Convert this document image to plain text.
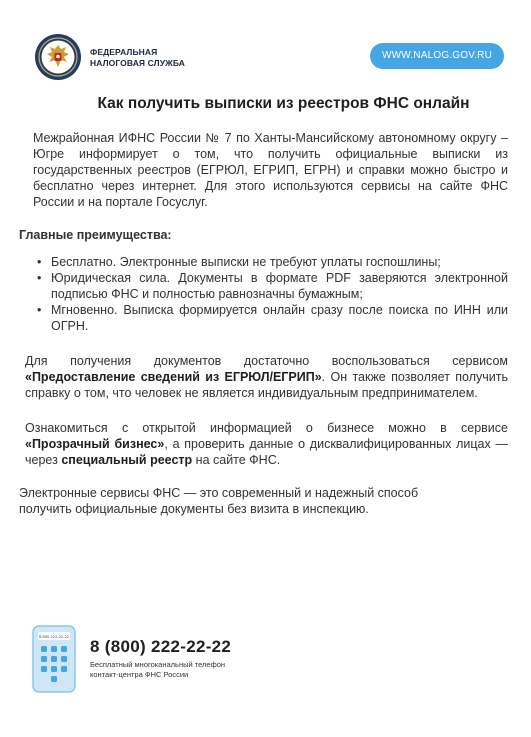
ФЕДЕРАЛЬНАЯ
НАЛОГОВАЯ СЛУЖБА
WWW.NALOG.GOV.RU
Как получить выписки из реестров ФНС онлайн

Межрайонная ИФНС России № 7 по Ханты-Мансийскому автономному округу – Югре информирует о том, что получить официальные выписки из государственных реестров (ЕГРЮЛ, ЕГРИП, ЕГРН) и справки можно быстро и бесплатно через интернет. Для этого используются сервисы на сайте ФНС России и на портале Госуслуг.

Главные преимущества:
• Бесплатно. Электронные выписки не требуют уплаты госпошлины;
• Юридическая сила. Документы в формате PDF заверяются электронной подписью ФНС и полностью равнозначны бумажным;
• Мгновенно. Выписка формируется онлайн сразу после поиска по ИНН или ОГРН.

Для получения документов достаточно воспользоваться сервисом «Предоставление сведений из ЕГРЮЛ/ЕГРИП». Он также позволяет получить справку о том, что человек не является индивидуальным предпринимателем.

Ознакомиться с открытой информацией о бизнесе можно в сервисе «Прозрачный бизнес», а проверить данные о дисквалифицированных лицах — через специальный реестр на сайте ФНС.

Электронные сервисы ФНС — это современный и надежный способ получить официальные документы без визита в инспекцию.

8 800 222-22-22 8 (800) 222-22-22
Бесплатный многоканальный телефон
контакт-центра ФНС России
